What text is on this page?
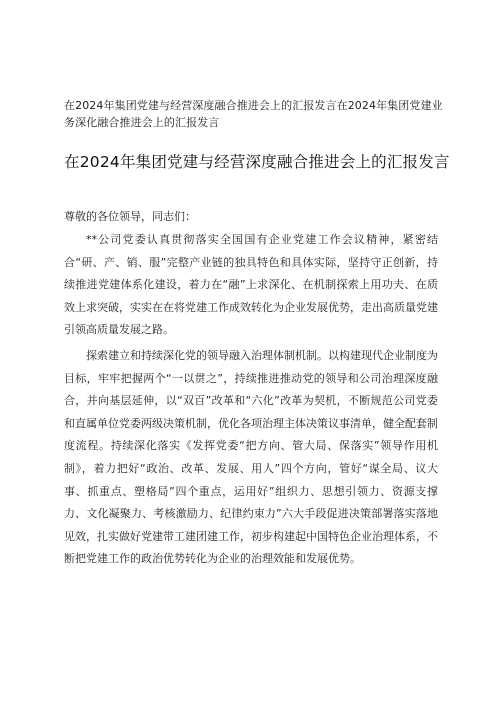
在2024年集团党建与经营深度融合推进会上的汇报发言在2024年集团党建业务深化融合推进会上的汇报发言
在2024年集团党建与经营深度融合推进会上的汇报发言
尊敬的各位领导，同志们：

**公司党委认真贯彻落实全国国有企业党建工作会议精神，紧密结合“研、产、销、服”完整产业链的独具特色和具体实际，坚持守正创新，持续推进党建体系化建设，着力在“融”上求深化、在机制探索上用功夫、在质效上求突破，实实在在将党建工作成效转化为企业发展优势，走出高质量党建引领高质量发展之路。

探索建立和持续深化党的领导融入治理体制机制。以构建现代企业制度为目标，牢牢把握两个“一以贯之”，持续推进推动党的领导和公司治理深度融合，并向基层延伸，以“双百”改革和“六化”改革为契机，不断规范公司党委和直属单位党委两级决策机制，优化各项治理主体决策议事清单，健全配套制度流程。持续深化落实《发挥党委“把方向、管大局、保落实”领导作用机制》，着力把好“政治、改革、发展、用人”四个方向，管好“谋全局、议大事、抓重点、塑格局”四个重点，运用好”组织力、思想引领力、资源支撑力、文化凝聚力、考核激励力、纪律约束力”六大手段促进决策部署落实落地见效，扎实做好党建带工建团建工作，初步构建起中国特色企业治理体系，不断把党建工作的政治优势转化为企业的治理效能和发展优势。
